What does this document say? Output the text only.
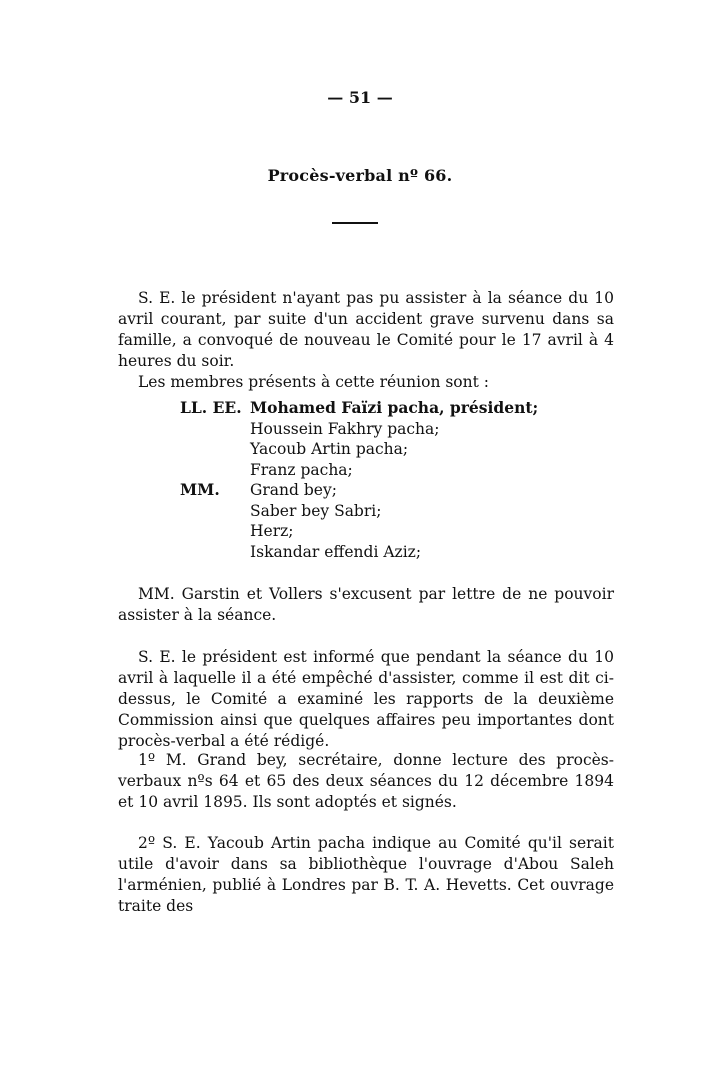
— 51 —
Procès-verbal nº 66.

S. E. le président n'ayant pas pu assister à la séance du 10 avril courant, par suite d'un accident grave survenu dans sa famille, a convoqué de nouveau le Comité pour le 17 avril à 4 heures du soir.

Les membres présents à cette réunion sont :

LL. EE. Mohamed Faïzi pacha, président;
Houssein Fakhry pacha;
Yacoub Artin pacha;
Franz pacha;
MM.	Grand bey;
Saber bey Sabri;
Herz;
Iskandar effendi Aziz;

MM. Garstin et Vollers s'excusent par lettre de ne pouvoir assister à la séance.

S. E. le président est informé que pendant la séance du 10 avril à laquelle il a été empêché d'assister, comme il est dit ci-dessus, le Comité a examiné les rapports de la deuxième Commission ainsi que quelques affaires peu importantes dont procès-verbal a été rédigé.

1º M. Grand bey, secrétaire, donne lecture des procès-verbaux nºs 64 et 65 des deux séances du 12 décembre 1894 et 10 avril 1895. Ils sont adoptés et signés.

2º S. E. Yacoub Artin pacha indique au Comité qu'il serait utile d'avoir dans sa bibliothèque l'ouvrage d'Abou Saleh l'arménien, publié à Londres par B. T. A. Hevetts. Cet ouvrage traite des
